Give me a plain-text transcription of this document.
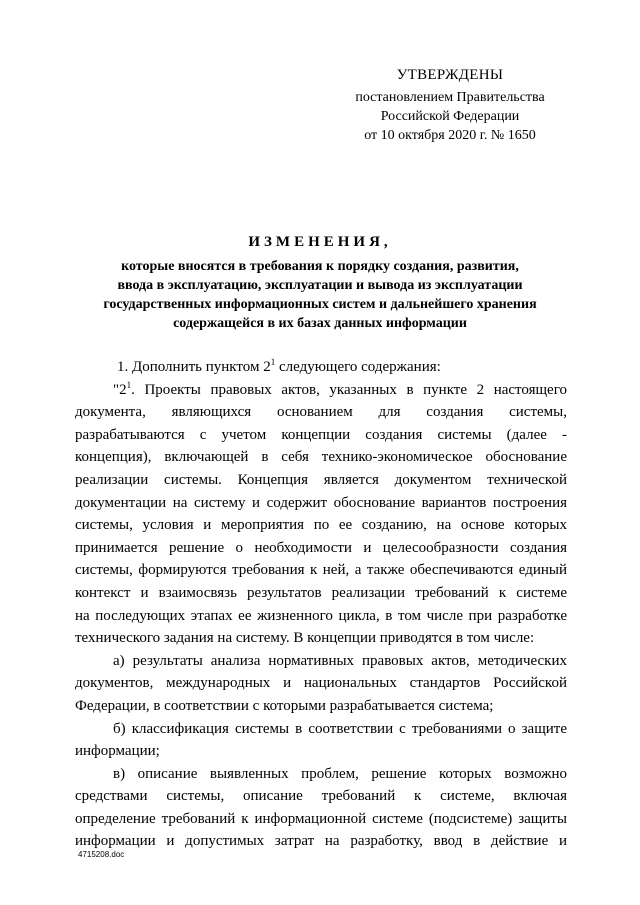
УТВЕРЖДЕНЫ
постановлением Правительства
Российской Федерации
от 10 октября 2020 г. № 1650
ИЗМЕНЕНИЯ,
которые вносятся в требования к порядку создания, развития,
ввода в эксплуатацию, эксплуатации и вывода из эксплуатации
государственных информационных систем и дальнейшего хранения
содержащейся в их базах данных информации
1. Дополнить пунктом $2^1$ следующего содержания:
"$2^1$. Проекты правовых актов, указанных в пункте 2 настоящего
документа, являющихся основанием для создания системы,
разрабатываются с учетом концепции создания системы (далее -
концепция), включающей в себя технико-экономическое обоснование
реализации системы. Концепция является документом технической
документации на систему и содержит обоснование вариантов построения
системы, условия и мероприятия по ее созданию, на основе которых
принимается решение о необходимости и целесообразности создания
системы, формируются требования к ней, а также обеспечиваются единый
контекст и взаимосвязь результатов реализации требований к системе
на последующих этапах ее жизненного цикла, в том числе при разработке
технического задания на систему. В концепции приводятся в том числе:
а) результаты анализа нормативных правовых актов, методических
документов, международных и национальных стандартов Российской
Федерации, в соответствии с которыми разрабатывается система;
б) классификация системы в соответствии с требованиями о защите
информации;
в) описание выявленных проблем, решение которых возможно
средствами системы, описание требований к системе, включая
определение требований к информационной системе (подсистеме) защиты
информации и допустимых затрат на разработку, ввод в действие и
4715208.doc
